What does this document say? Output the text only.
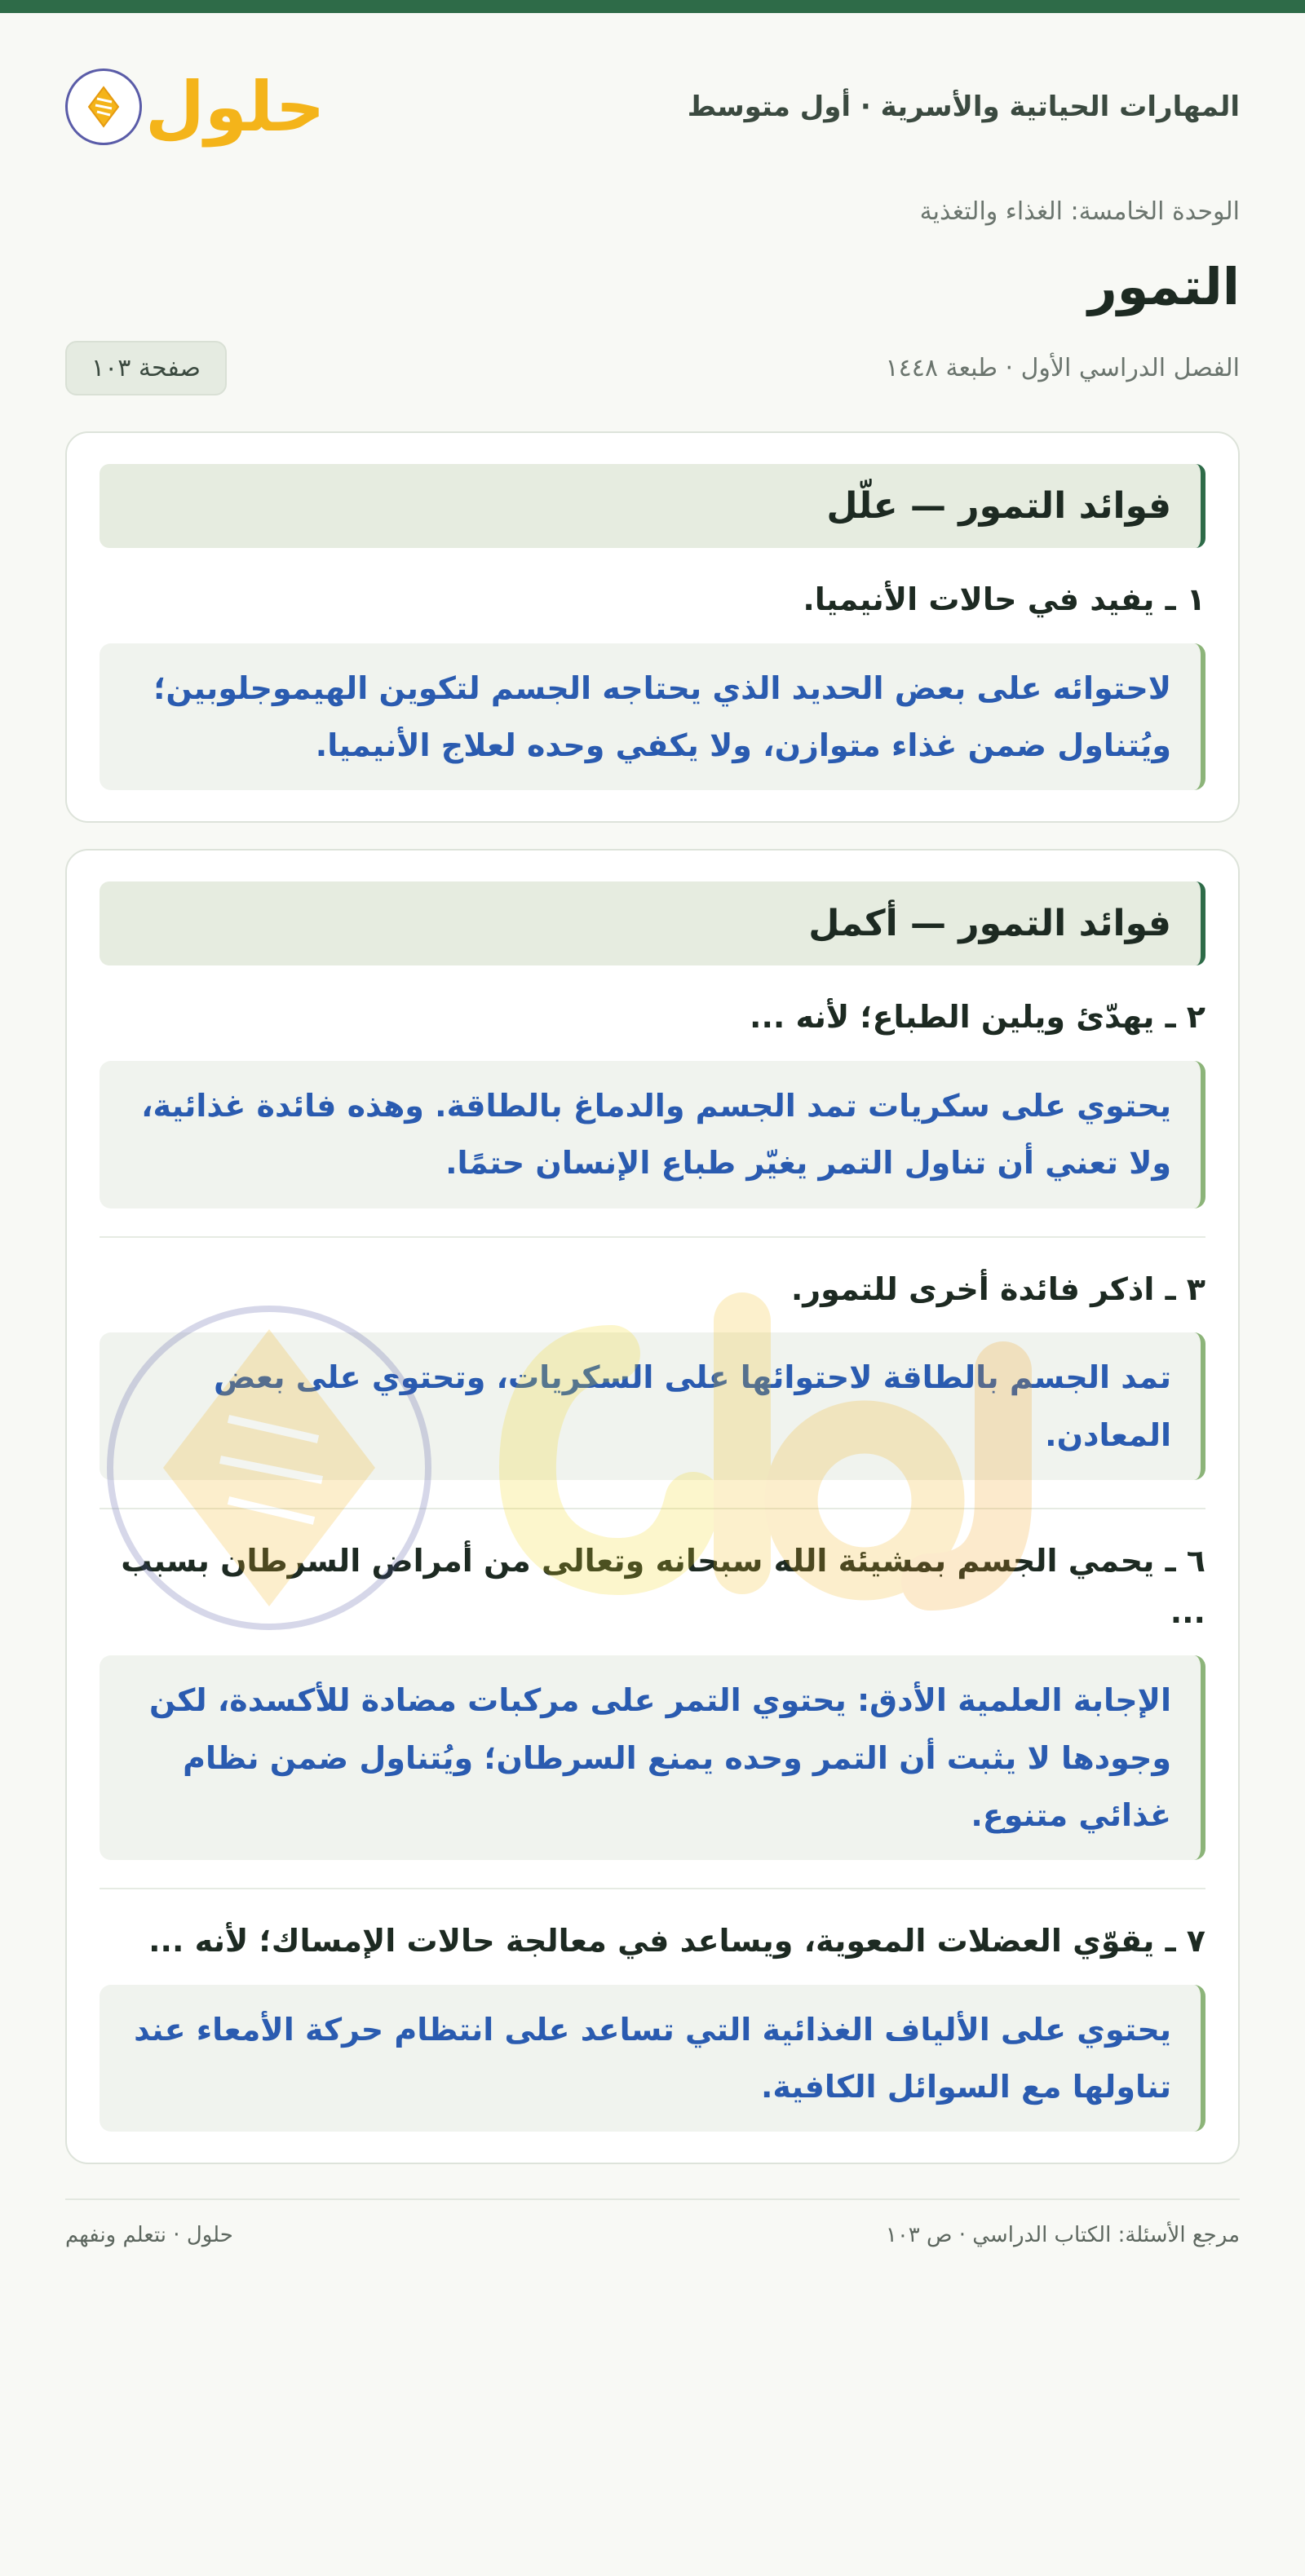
المهارات الحياتية والأسرية · أول متوسط
حلول
الوحدة الخامسة: الغذاء والتغذية
التمور
الفصل الدراسي الأول · طبعة ١٤٤٨
صفحة ١٠٣
فوائد التمور — علّل
١ ـ يفيد في حالات الأنيميا.
لاحتوائه على بعض الحديد الذي يحتاجه الجسم لتكوين الهيموجلوبين؛ ويُتناول ضمن غذاء متوازن، ولا يكفي وحده لعلاج الأنيميا.
فوائد التمور — أكمل
٢ ـ يهدّئ ويلين الطباع؛ لأنه ...
يحتوي على سكريات تمد الجسم والدماغ بالطاقة. وهذه فائدة غذائية، ولا تعني أن تناول التمر يغيّر طباع الإنسان حتمًا.
٣ ـ اذكر فائدة أخرى للتمور.
تمد الجسم بالطاقة لاحتوائها على السكريات، وتحتوي على بعض المعادن.
٦ ـ يحمي الجسم بمشيئة الله سبحانه وتعالى من أمراض السرطان بسبب ...
الإجابة العلمية الأدق: يحتوي التمر على مركبات مضادة للأكسدة، لكن وجودها لا يثبت أن التمر وحده يمنع السرطان؛ ويُتناول ضمن نظام غذائي متنوع.
٧ ـ يقوّي العضلات المعوية، ويساعد في معالجة حالات الإمساك؛ لأنه ...
يحتوي على الألياف الغذائية التي تساعد على انتظام حركة الأمعاء عند تناولها مع السوائل الكافية.
مرجع الأسئلة: الكتاب الدراسي · ص ١٠٣
حلول · نتعلم ونفهم
